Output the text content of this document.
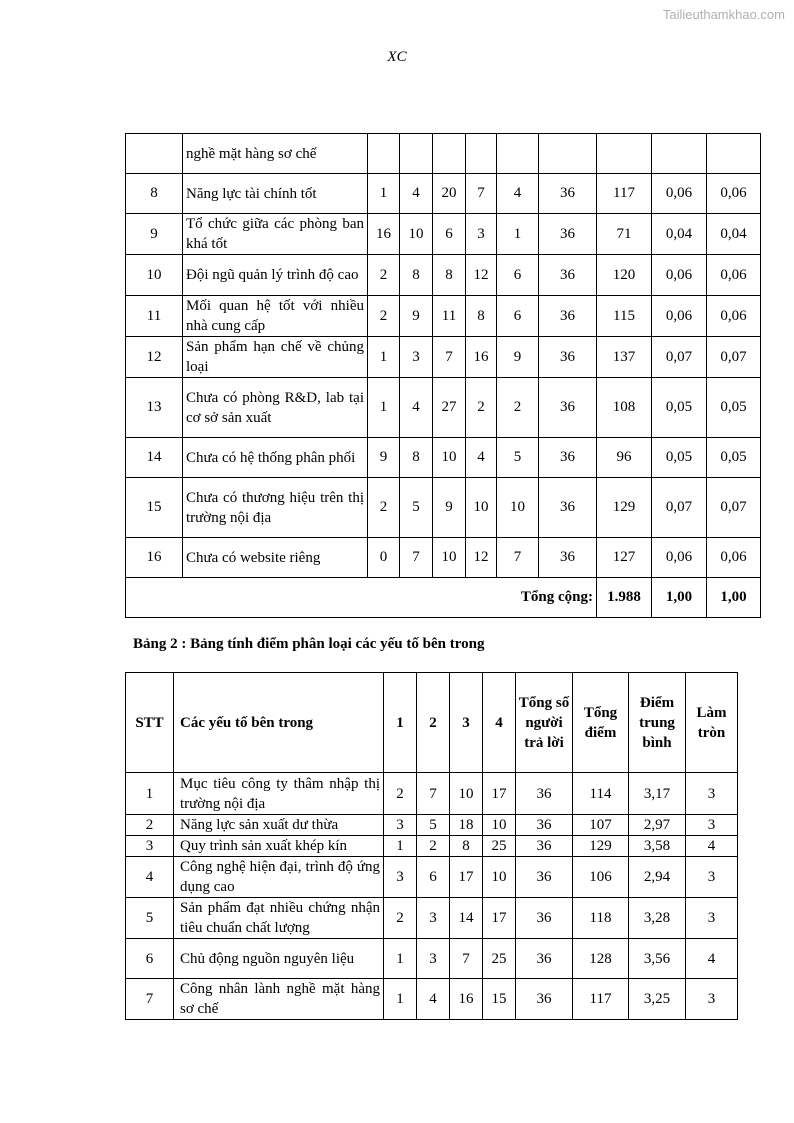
Tailieuthamkhao.com
XC
	nghề mặt hàng sơ chế									
8	Năng lực tài chính tốt	1	4	20	7	4	36	117	0,06	0,06
9	Tổ chức giữa các phòng ban khá tốt	16	10	6	3	1	36	71	0,04	0,04
10	Đội ngũ quản lý trình độ cao	2	8	8	12	6	36	120	0,06	0,06
11	Mối quan hệ tốt với nhiều nhà cung cấp	2	9	11	8	6	36	115	0,06	0,06
12	Sản phẩm hạn chế về chủng loại	1	3	7	16	9	36	137	0,07	0,07
13	Chưa có phòng R&D, lab tại cơ sở sản xuất	1	4	27	2	2	36	108	0,05	0,05
14	Chưa có hệ thống phân phối	9	8	10	4	5	36	96	0,05	0,05
15	Chưa có thương hiệu trên thị trường nội địa	2	5	9	10	10	36	129	0,07	0,07
16	Chưa có website riêng	0	7	10	12	7	36	127	0,06	0,06
Tổng cộng:								1.988	1,00	1,00
Bảng 2 : Bảng tính điểm phân loại các yếu tố bên trong
STT	Các yếu tố bên trong	1	2	3	4	Tổng số người trả lời	Tổng điểm	Điểm trung bình	Làm tròn
1	Mục tiêu công ty thâm nhập thị trường nội địa	2	7	10	17	36	114	3,17	3
2	Năng lực sản xuất dư thừa	3	5	18	10	36	107	2,97	3
3	Quy trình sản xuất khép kín	1	2	8	25	36	129	3,58	4
4	Công nghệ hiện đại, trình độ ứng dụng cao	3	6	17	10	36	106	2,94	3
5	Sản phẩm đạt nhiều chứng nhận tiêu chuẩn chất lượng	2	3	14	17	36	118	3,28	3
6	Chủ động nguồn nguyên liệu	1	3	7	25	36	128	3,56	4
7	Công nhân lành nghề mặt hàng sơ chế	1	4	16	15	36	117	3,25	3
